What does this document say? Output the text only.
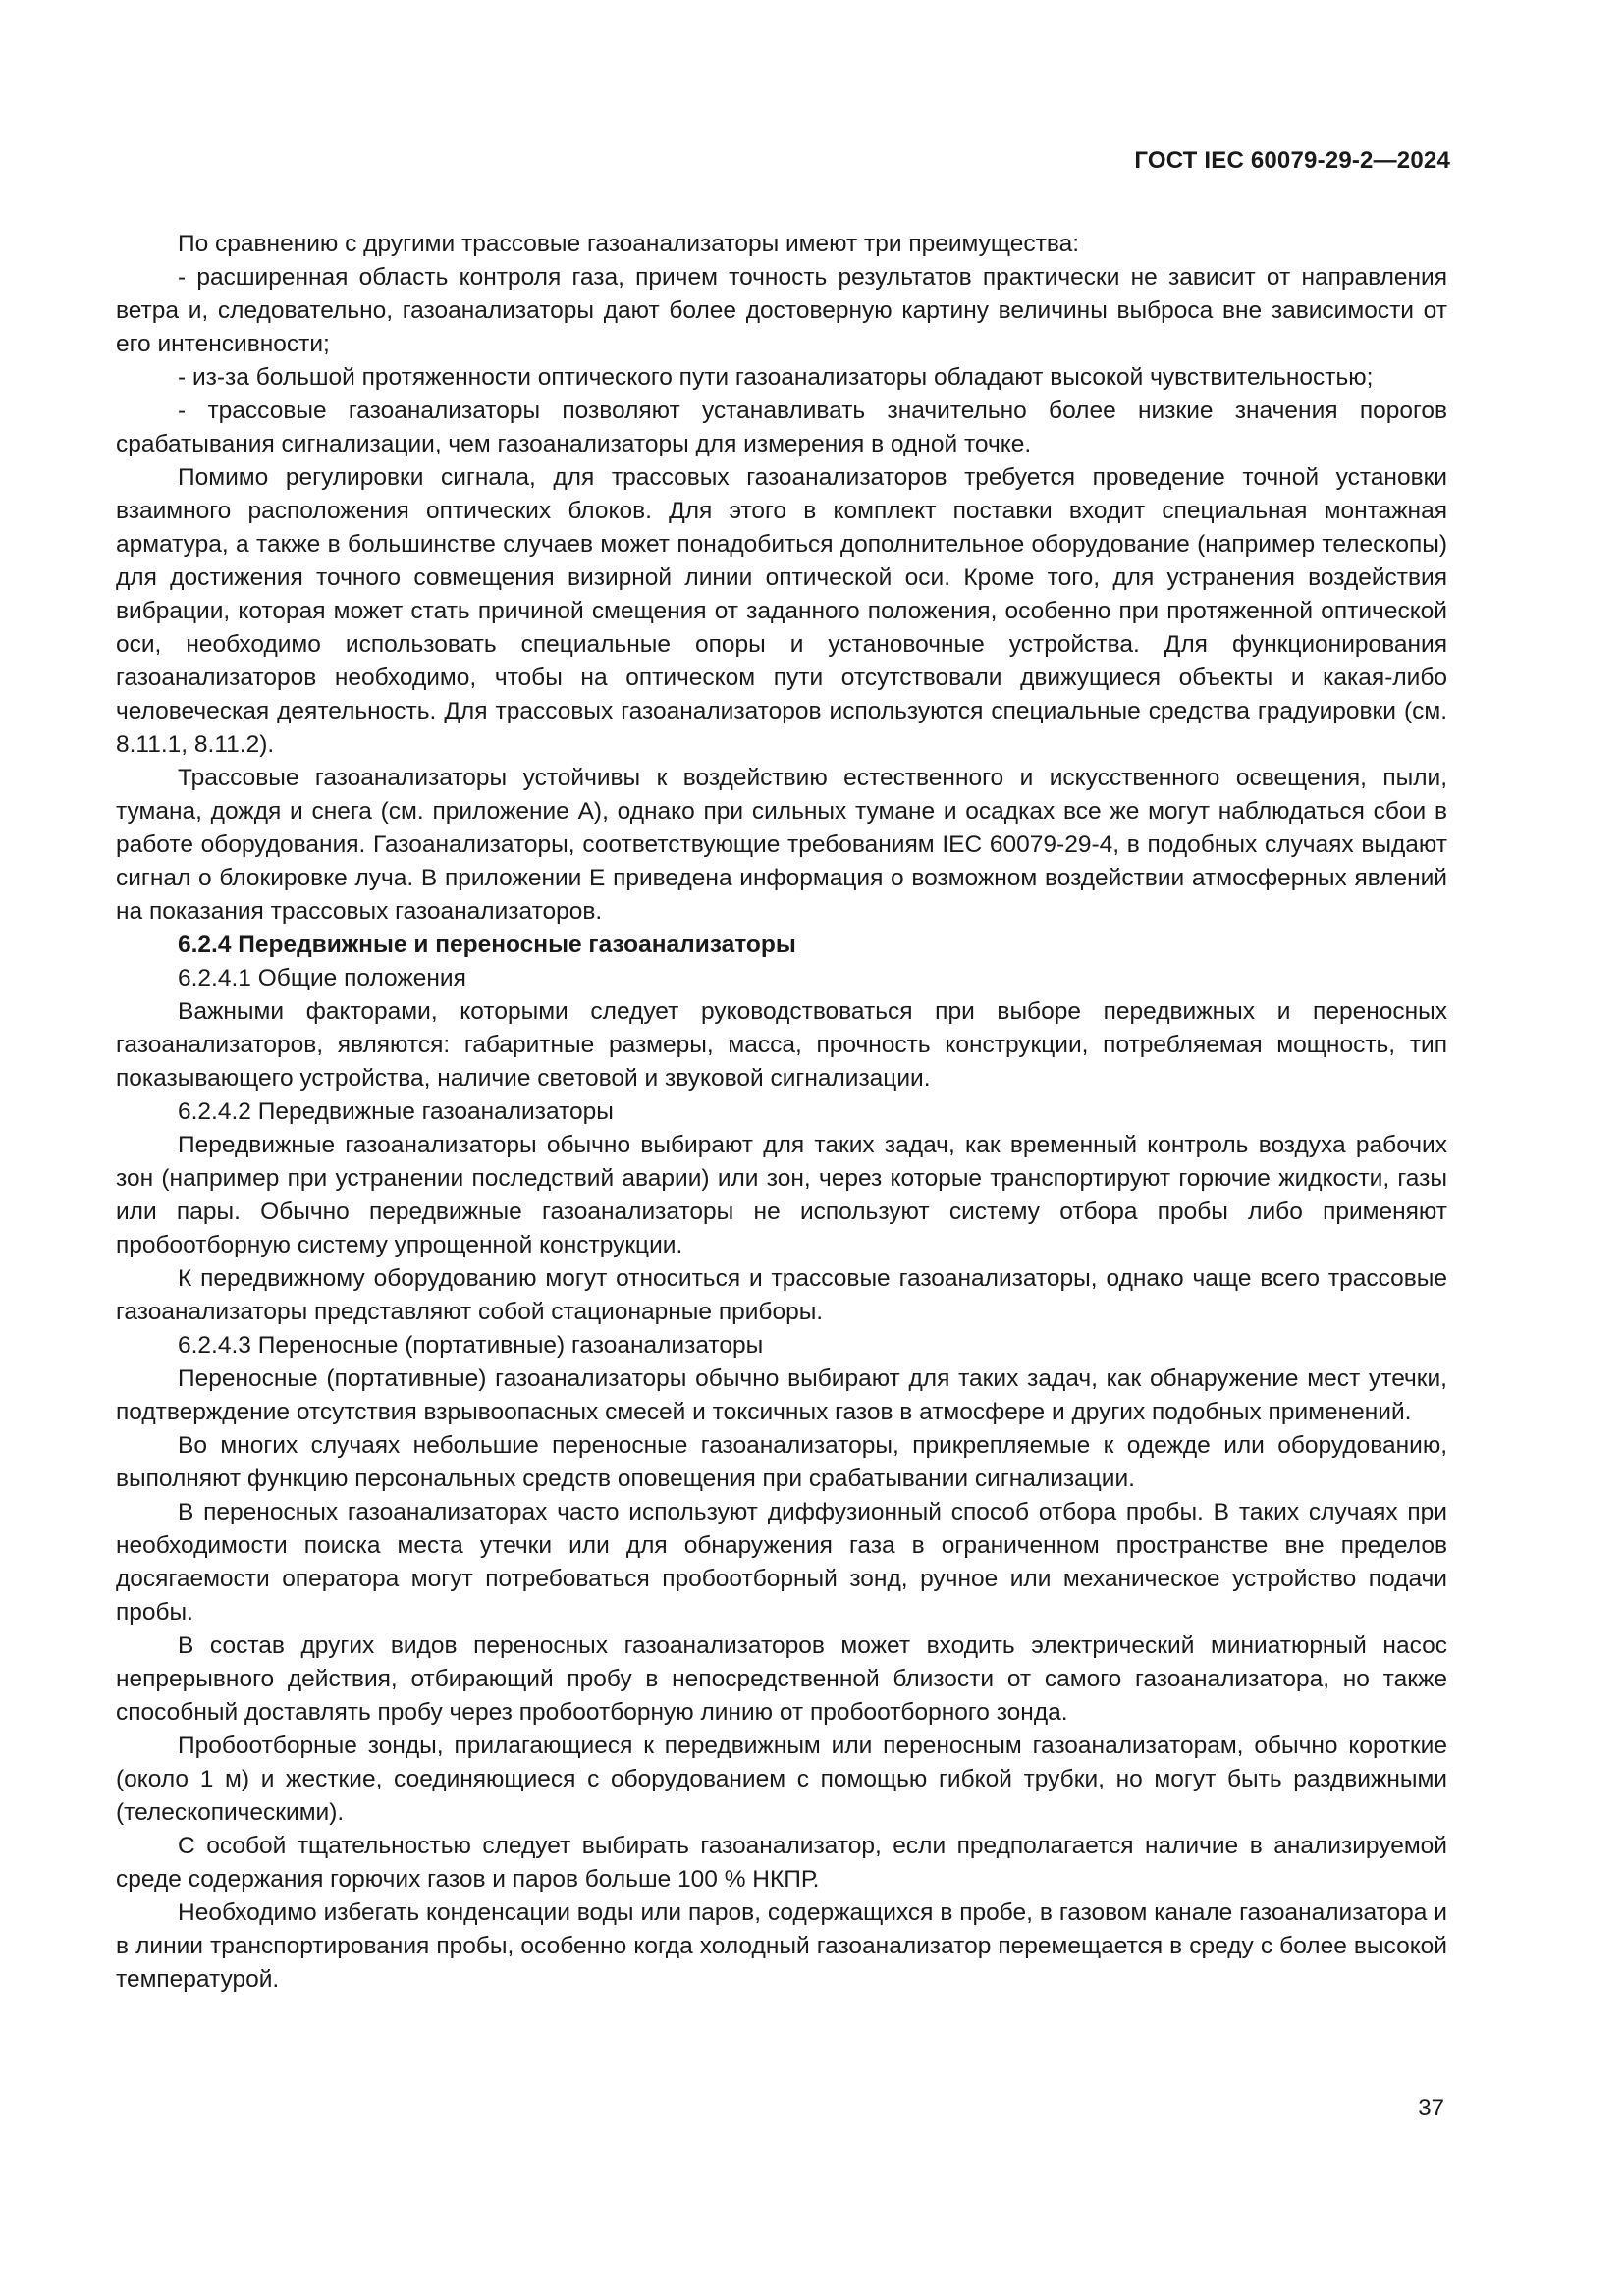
ГОСТ IEC 60079-29-2—2024

По сравнению с другими трассовые газоанализаторы имеют три преимущества:

- расширенная область контроля газа, причем точность результатов практически не зависит от направления ветра и, следовательно, газоанализаторы дают более достоверную картину величины выброса вне зависимости от его интенсивности;

- из-за большой протяженности оптического пути газоанализаторы обладают высокой чувствительностью;

- трассовые газоанализаторы позволяют устанавливать значительно более низкие значения порогов срабатывания сигнализации, чем газоанализаторы для измерения в одной точке.

Помимо регулировки сигнала, для трассовых газоанализаторов требуется проведение точной установки взаимного расположения оптических блоков. Для этого в комплект поставки входит специальная монтажная арматура, а также в большинстве случаев может понадобиться дополнительное оборудование (например телескопы) для достижения точного совмещения визирной линии оптической оси. Кроме того, для устранения воздействия вибрации, которая может стать причиной смещения от заданного положения, особенно при протяженной оптической оси, необходимо использовать специальные опоры и установочные устройства. Для функционирования газоанализаторов необходимо, чтобы на оптическом пути отсутствовали движущиеся объекты и какая-либо человеческая деятельность. Для трассовых газоанализаторов используются специальные средства градуировки (см. 8.11.1, 8.11.2).

Трассовые газоанализаторы устойчивы к воздействию естественного и искусственного освещения, пыли, тумана, дождя и снега (см. приложение А), однако при сильных тумане и осадках все же могут наблюдаться сбои в работе оборудования. Газоанализаторы, соответствующие требованиям IEC 60079-29-4, в подобных случаях выдают сигнал о блокировке луча. В приложении Е приведена информация о возможном воздействии атмосферных явлений на показания трассовых газоанализаторов.

6.2.4 Передвижные и переносные газоанализаторы

6.2.4.1 Общие положения

Важными факторами, которыми следует руководствоваться при выборе передвижных и переносных газоанализаторов, являются: габаритные размеры, масса, прочность конструкции, потребляемая мощность, тип показывающего устройства, наличие световой и звуковой сигнализации.

6.2.4.2 Передвижные газоанализаторы

Передвижные газоанализаторы обычно выбирают для таких задач, как временный контроль воздуха рабочих зон (например при устранении последствий аварии) или зон, через которые транспортируют горючие жидкости, газы или пары. Обычно передвижные газоанализаторы не используют систему отбора пробы либо применяют пробоотборную систему упрощенной конструкции.

К передвижному оборудованию могут относиться и трассовые газоанализаторы, однако чаще всего трассовые газоанализаторы представляют собой стационарные приборы.

6.2.4.3 Переносные (портативные) газоанализаторы

Переносные (портативные) газоанализаторы обычно выбирают для таких задач, как обнаружение мест утечки, подтверждение отсутствия взрывоопасных смесей и токсичных газов в атмосфере и других подобных применений.

Во многих случаях небольшие переносные газоанализаторы, прикрепляемые к одежде или оборудованию, выполняют функцию персональных средств оповещения при срабатывании сигнализации.

В переносных газоанализаторах часто используют диффузионный способ отбора пробы. В таких случаях при необходимости поиска места утечки или для обнаружения газа в ограниченном пространстве вне пределов досягаемости оператора могут потребоваться пробоотборный зонд, ручное или механическое устройство подачи пробы.

В состав других видов переносных газоанализаторов может входить электрический миниатюрный насос непрерывного действия, отбирающий пробу в непосредственной близости от самого газоанализатора, но также способный доставлять пробу через пробоотборную линию от пробоотборного зонда.

Пробоотборные зонды, прилагающиеся к передвижным или переносным газоанализаторам, обычно короткие (около 1 м) и жесткие, соединяющиеся с оборудованием с помощью гибкой трубки, но могут быть раздвижными (телескопическими).

С особой тщательностью следует выбирать газоанализатор, если предполагается наличие в анализируемой среде содержания горючих газов и паров больше 100 % НКПР.

Необходимо избегать конденсации воды или паров, содержащихся в пробе, в газовом канале газоанализатора и в линии транспортирования пробы, особенно когда холодный газоанализатор перемещается в среду с более высокой температурой.

37
